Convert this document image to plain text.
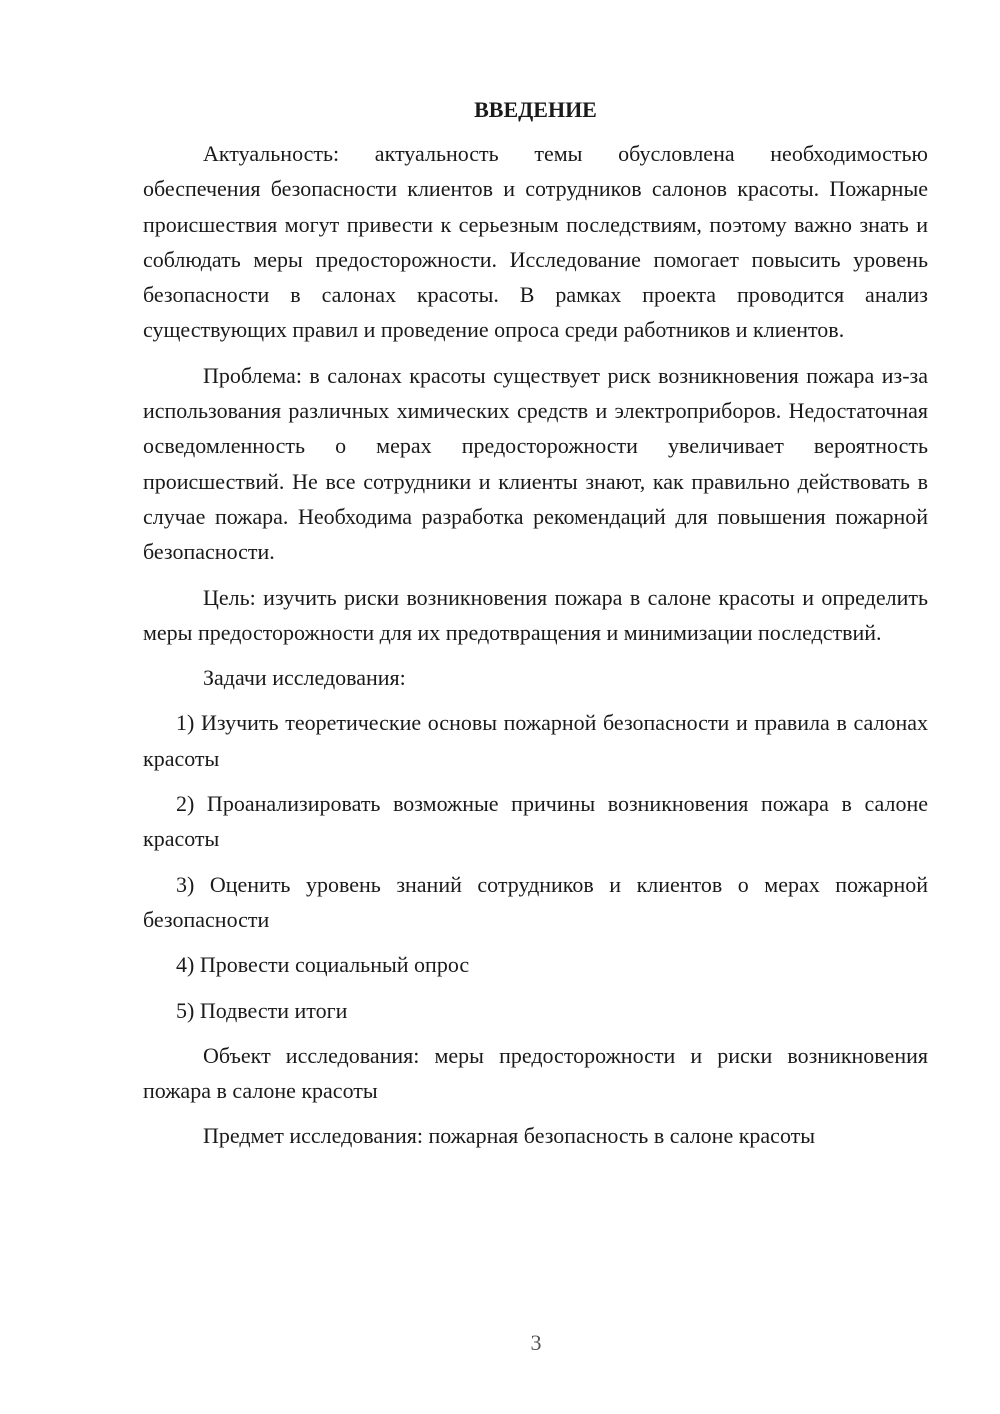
ВВЕДЕНИЕ

Актуальность: актуальность темы обусловлена необходимостью обеспечения безопасности клиентов и сотрудников салонов красоты. Пожарные происшествия могут привести к серьезным последствиям, поэтому важно знать и соблюдать меры предосторожности. Исследование помогает повысить уровень безопасности в салонах красоты. В рамках проекта проводится анализ существующих правил и проведение опроса среди работников и клиентов.

Проблема: в салонах красоты существует риск возникновения пожара из-за использования различных химических средств и электроприборов. Недостаточная осведомленность о мерах предосторожности увеличивает вероятность происшествий. Не все сотрудники и клиенты знают, как правильно действовать в случае пожара. Необходима разработка рекомендаций для повышения пожарной безопасности.

Цель: изучить риски возникновения пожара в салоне красоты и определить меры предосторожности для их предотвращения и минимизации последствий.

Задачи исследования:

1) Изучить теоретические основы пожарной безопасности и правила в салонах красоты

2) Проанализировать возможные причины возникновения пожара в салоне красоты

3) Оценить уровень знаний сотрудников и клиентов о мерах пожарной безопасности

4) Провести социальный опрос

5) Подвести итоги

Объект исследования: меры предосторожности и риски возникновения пожара в салоне красоты

Предмет исследования: пожарная безопасность в салоне красоты

3
